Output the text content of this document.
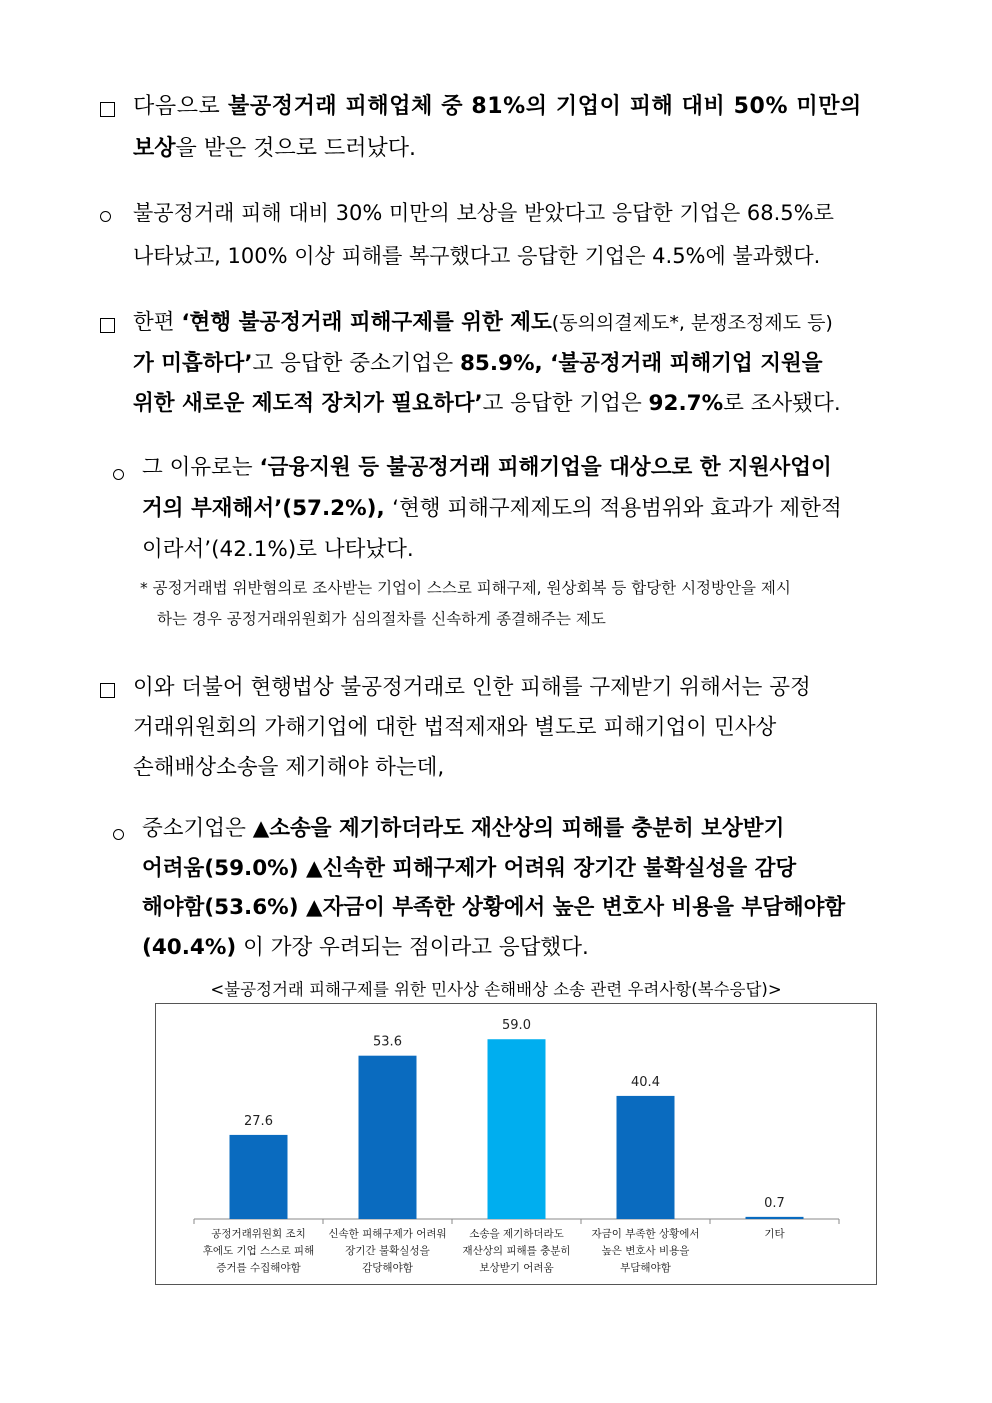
다음으로 불공정거래 피해업체 중 81%의 기업이 피해 대비 50% 미만의
보상을 받은 것으로 드러났다.
불공정거래 피해 대비 30% 미만의 보상을 받았다고 응답한 기업은 68.5%로
나타났고, 100% 이상 피해를 복구했다고 응답한 기업은 4.5%에 불과했다.
한편 ‘현행 불공정거래 피해구제를 위한 제도(동의의결제도*, 분쟁조정제도 등)
가 미흡하다’고 응답한 중소기업은 85.9%, ‘불공정거래 피해기업 지원을
위한 새로운 제도적 장치가 필요하다’고 응답한 기업은 92.7%로 조사됐다.
그 이유로는 ‘금융지원 등 불공정거래 피해기업을 대상으로 한 지원사업이
거의 부재해서’(57.2%), ‘현행 피해구제제도의 적용범위와 효과가 제한적
이라서’(42.1%)로 나타났다.
* 공정거래법 위반혐의로 조사받는 기업이 스스로 피해구제, 원상회복 등 합당한 시정방안을 제시
하는 경우 공정거래위원회가 심의절차를 신속하게 종결해주는 제도
이와 더불어 현행법상 불공정거래로 인한 피해를 구제받기 위해서는 공정
거래위원회의 가해기업에 대한 법적제재와 별도로 피해기업이 민사상
손해배상소송을 제기해야 하는데,
중소기업은 ▲소송을 제기하더라도 재산상의 피해를 충분히 보상받기
어려움(59.0%) ▲신속한 피해구제가 어려워 장기간 불확실성을 감당
해야함(53.6%) ▲자금이 부족한 상황에서 높은 변호사 비용을 부담해야함
(40.4%) 이 가장 우려되는 점이라고 응답했다.
<불공정거래 피해구제를 위한 민사상 손해배상 소송 관련 우려사항(복수응답)>
27.6
공정거래위원회 조치
후에도 기업 스스로 피해
증거를 수집해야함
53.6
신속한 피해구제가 어려워
장기간 불확실성을
감당해야함
59.0
소송을 제기하더라도
재산상의 피해를 충분히
보상받기 어려움
40.4
자금이 부족한 상황에서
높은 변호사 비용을
부담해야함
0.7
기타
